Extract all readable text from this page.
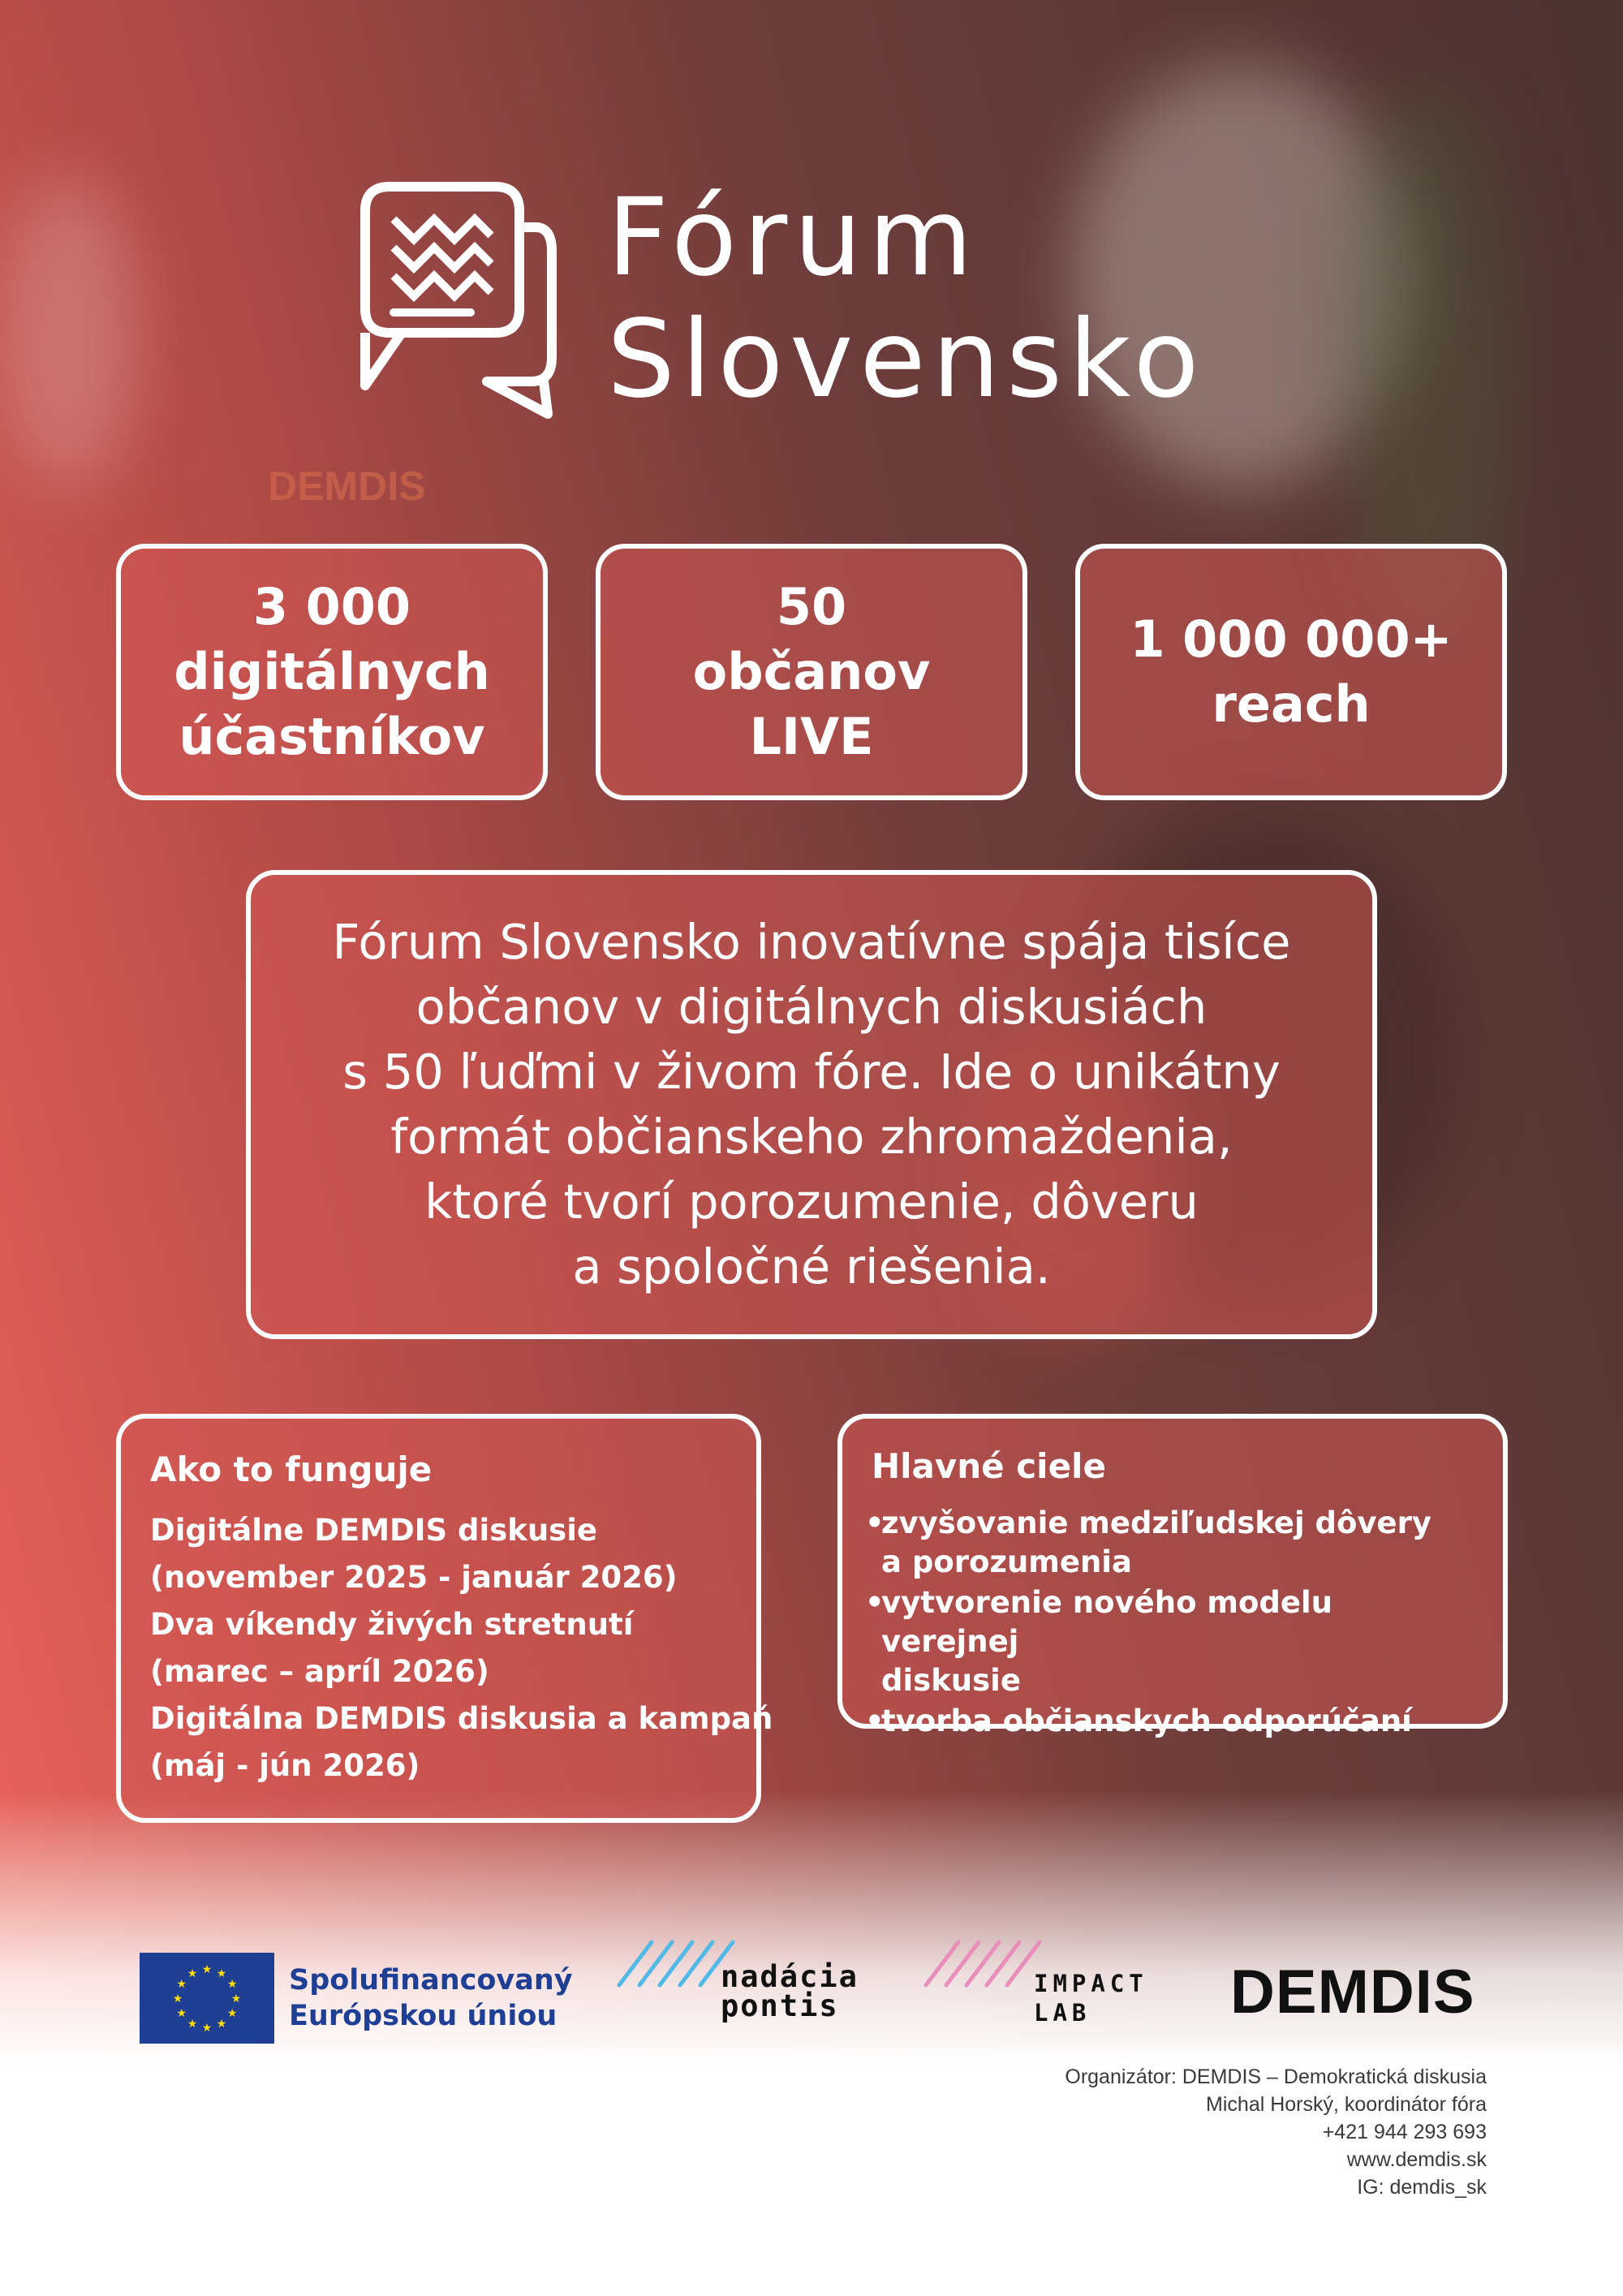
DEMDIS
Fórum
Slovensko
3 000
digitálnych
účastníkov
50
občanov
LIVE
1 000 000+
reach
Fórum Slovensko inovatívne spája tisíce
občanov v digitálnych diskusiách
s 50 ľuďmi v živom fóre. Ide o unikátny
formát občianskeho zhromaždenia,
ktoré tvorí porozumenie, dôveru
a spoločné riešenia.
Ako to funguje
Digitálne DEMDIS diskusie
(november 2025 - január 2026)
Dva víkendy živých stretnutí
(marec – apríl 2026)
Digitálna DEMDIS diskusia a kampaň
(máj - jún 2026)
Hlavné ciele
•
zvyšovanie medziľudskej dôvery
a porozumenia
•
vytvorenie nového modelu verejnej
diskusie
•
tvorba občianskych odporúčaní
★ ★
★
★
★
★
★
★
★
★
★
★	Spolufinancovaný
Európskou úniou
nadácia
pontis
IMPACT
LAB	DEMDIS
Organizátor: DEMDIS – Demokratická diskusia
Michal Horský, koordinátor fóra
+421 944 293 693
www.demdis.sk
IG: demdis_sk
